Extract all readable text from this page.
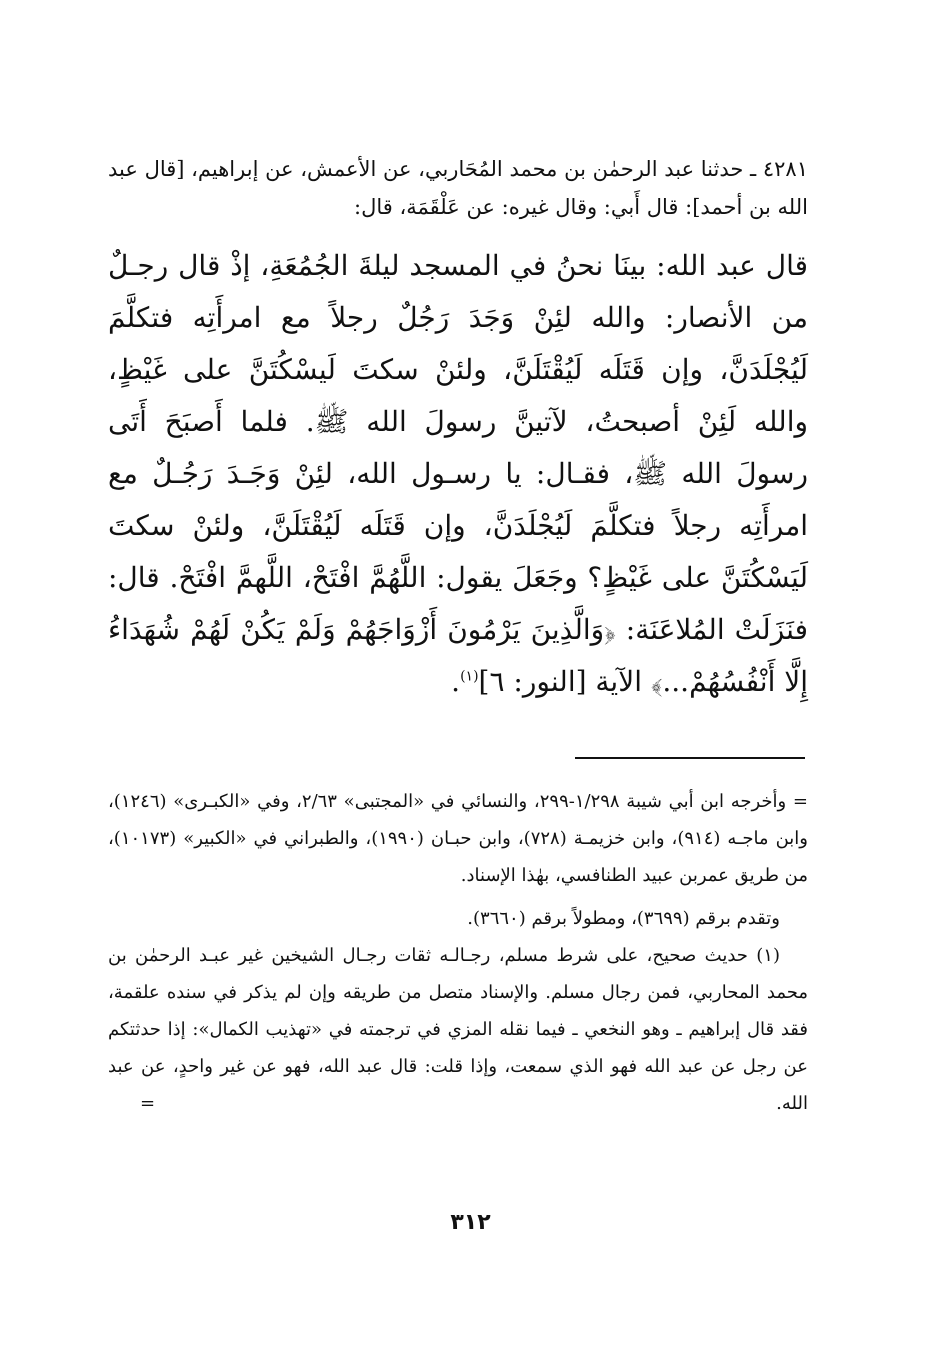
٤٢٨١ ـ حدثنا عبد الرحمٰن بن محمد المُحَاربي، عن الأعمش، عن إبراهيم، [قال عبد الله بن أحمد]: قال أَبي: وقال غيره: عن عَلْقَمَة، قال:

قال عبد الله: بينَا نحنُ في المسجد ليلةَ الجُمُعَةِ، إذْ قال رجـلٌ من الأنصار: والله لئِنْ وَجَدَ رَجُلٌ رجلاً مع امرأَتِه فتكلَّمَ لَيُجْلَدَنَّ، وإن قَتَلَه لَيُقْتَلَنَّ، ولئنْ سكتَ لَيسْكُتَنَّ على غَيْظٍ، والله لَئِنْ أصبحتُ، لآتينَّ رسولَ الله ﷺ. فلما أَصبَحَ أَتَى رسولَ الله ﷺ، فقـال: يا رسـول الله، لئِنْ وَجَـدَ رَجُـلٌ مع امرأَتِه رجلاً فتكلَّمَ لَيُجْلَدَنَّ، وإن قَتَلَه لَيُقْتَلَنَّ، ولئنْ سكتَ لَيَسْكُتَنَّ على غَيْظٍ؟ وجَعَلَ يقول: اللَّهُمَّ افْتَحْ، اللَّهمَّ افْتَحْ. قال: فنَزَلَتْ المُلاعَنَة: ﴿وَالَّذِينَ يَرْمُونَ أَزْوَاجَهُمْ وَلَمْ يَكُنْ لَهُمْ شُهَدَاءُ إِلَّا أَنْفُسُهُمْ...﴾ الآية [النور: ٦]$^{(١)}$.

= وأخرجه ابن أبي شيبة ١/٢٩٨-٢٩٩، والنسائي في «المجتبى» ٢/٦٣، وفي «الكبـرى» (١٢٤٦)، وابن ماجـه (٩١٤)، وابن خزيمـة (٧٢٨)، وابن حبـان (١٩٩٠)، والطبراني في «الكبير» (١٠١٧٣)، من طريق عمربن عبيد الطنافسي، بهٰذا الإسناد.

وتقدم برقم (٣٦٩٩)، ومطولاً برقم (٣٦٦٠).

(١) حديث صحيح، على شرط مسلم، رجـالـه ثقات رجـال الشيخين غير عبـد الرحمٰن بن محمد المحاربي، فمن رجال مسلم. والإسناد متصل من طريقه وإن لم يذكر في سنده علقمة، فقد قال إبراهيم ـ وهو النخعي ـ فيما نقله المزي في ترجمته في «تهذيب الكمال»: إذا حدثتكم عن رجل عن عبد الله فهو الذي سمعت، وإذا قلت: قال عبد الله، فهو عن غير واحدٍ، عن عبد الله.
=

٣١٢
